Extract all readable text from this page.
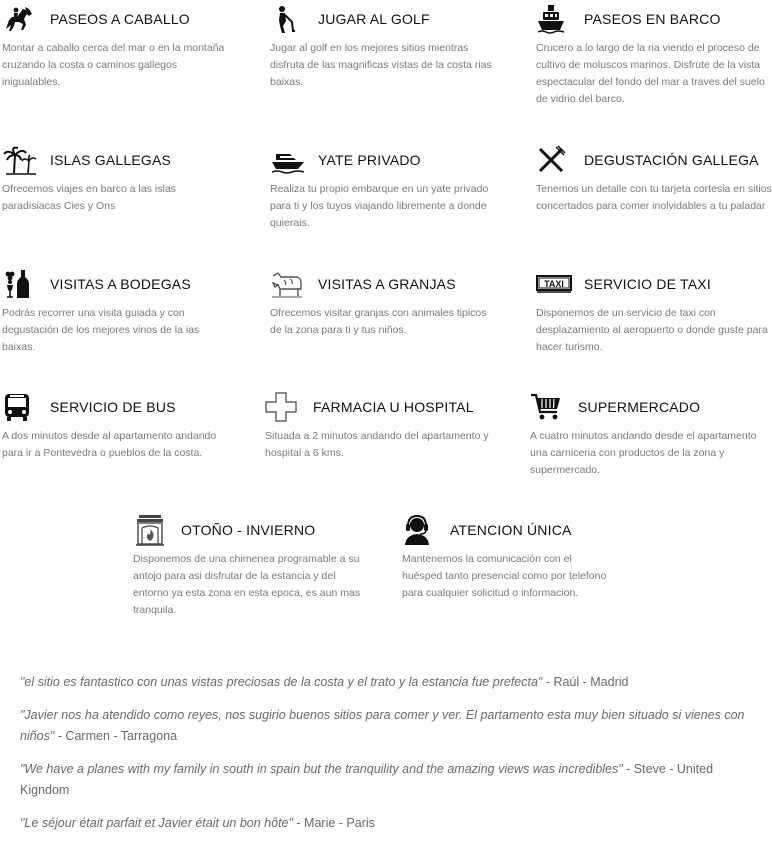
PASEOS A CABALLO
Montar a caballo cerca del mar o en la montaña cruzando la costa o caminos gallegos inigualables.
JUGAR AL GOLF
Jugar al golf en los mejores sitios mientras disfruta de las magnificas vistas de la costa rias baixas.
PASEOS EN BARCO
Crucero a lo largo de la ria viendo el proceso de cultivo de moluscos marinos. Disfrute de la vista espectacular del fondo del mar a traves del suelo de vidrio del barco.
ISLAS GALLEGAS
Ofrecemos viajes en barco a las islas paradisiacas Cies y Ons
YATE PRIVADO
Realiza tu propio embarque en un yate privado para ti y los tuyos viajando libremente a donde quierais.
DEGUSTACIÓN GALLEGA
Tenemos un detalle con tu tarjeta cortesia en sitios concertados para comer inolvidables a tu paladar
VISITAS A BODEGAS
Podrás recorrer una visita guiada y con degustación de los mejores vinos de la ias baixas.
VISITAS A GRANJAS
Ofrecemos visitar granjas con animales tipicos de la zona para ti y tus niños.
TAXI SERVICIO DE TAXI
Disponemos de un servicio de taxi con desplazamiento al aeropuerto o donde guste para hacer turismo.
SERVICIO DE BUS
A dos minutos desde al apartamento andando para ir a Pontevedra o pueblos de la costa.
FARMACIA U HOSPITAL
Situada a 2 minutos andando del apartamento y hospital a 6 kms.
SUPERMERCADO
A cuatro minutos andando desde el apartamento una carniceria con productos de la zona y supermercado.
OTOÑO - INVIERNO
Disponemos de una chimenea programable a su antojo para asi disfrutar de la estancia y del entorno ya esta zona en esta epoca, es aun mas tranquila.
ATENCION ÚNICA
Mantenemos la comunicación con el huésped tanto presencial como por telefono para cualquier solicitud o informacion.

"el sitio es fantastico con unas vistas preciosas de la costa y el trato y la estancia fue prefecta" - Raúl - Madrid

"Javier nos ha atendido como reyes, nos sugirio buenos sitios para comer y ver. El partamento esta muy bien situado si vienes con niños" - Carmen - Tarragona

"We have a planes with my family in south in spain but the tranquility and the amazing views was incredibles" - Steve - United Kigndom

"Le séjour était parfait et Javier était un bon hôte" - Marie - Paris
